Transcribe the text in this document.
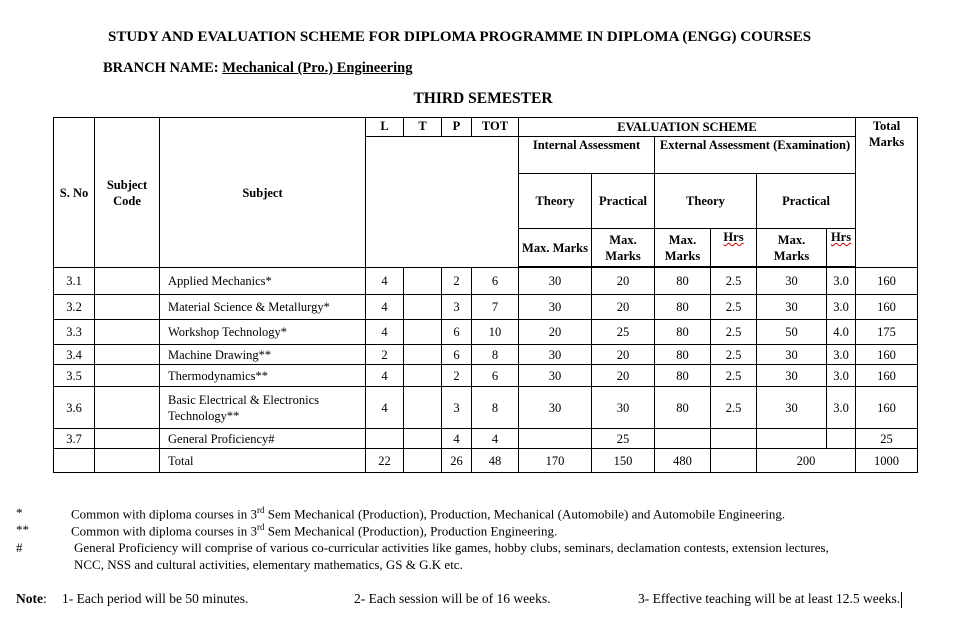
STUDY AND EVALUATION SCHEME FOR DIPLOMA PROGRAMME IN DIPLOMA (ENGG) COURSES
BRANCH NAME: Mechanical (Pro.) Engineering
THIRD SEMESTER
S. No	Subject Code	Subject	L	T	P	TOT	EVALUATION SCHEME						Total Marks
							Internal Assessment		External Assessment (Examination)				
							Theory	Practical	Theory		Practical		
							Max. Marks	Max. Marks	Max. Marks	Hrs	Max. Marks	Hrs	

3.1		Applied Mechanics*	4		2	6	30	20	80	2.5	30	3.0	160
3.2		Material Science & Metallurgy*	4		3	7	30	20	80	2.5	30	3.0	160
3.3		Workshop Technology*	4		6	10	20	25	80	2.5	50	4.0	175
3.4		Machine Drawing**	2		6	8	30	20	80	2.5	30	3.0	160
3.5		Thermodynamics**	4		2	6	30	20	80	2.5	30	3.0	160
3.6		Basic Electrical & Electronics Technology**	4		3	8	30	30	80	2.5	30	3.0	160
3.7		General Proficiency#			4	4		25					25
		Total	22		26	48	170	150	480		200		1000
*	Common with diploma courses in 3rd Sem Mechanical (Production), Production, Mechanical (Automobile) and Automobile Engineering.
**	Common with diploma courses in 3rd Sem Mechanical (Production), Production Engineering.
#	General Proficiency will comprise of various co-curricular activities like games, hobby clubs, seminars, declamation contests, extension lectures,
NCC, NSS and cultural activities, elementary mathematics, GS & G.K etc.
Note: 1- Each period will be 50 minutes.	2- Each session will be of 16 weeks.	3- Effective teaching will be at least 12.5 weeks.
